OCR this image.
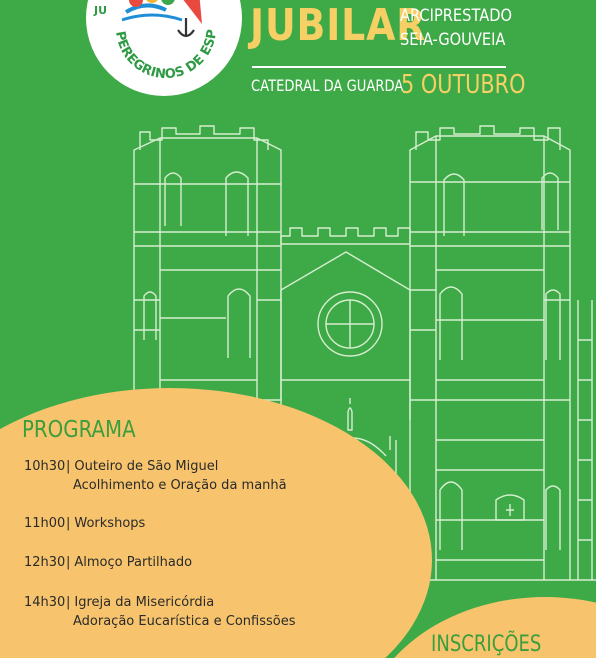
PEREGRINOS DE ESP
JU	JUBILAR
ARCIPRESTADO
SEIA-GOUVEIA
CATEDRAL DA GUARDA
5 OUTUBRO
PROGRAMA
10h30| Outeiro de São Miguel
Acolhimento e Oração da manhã
11h00| Workshops
12h30| Almoço Partilhado
14h30| Igreja da Misericórdia
Adoração Eucarística e Confissões
INSCRIÇÕES
